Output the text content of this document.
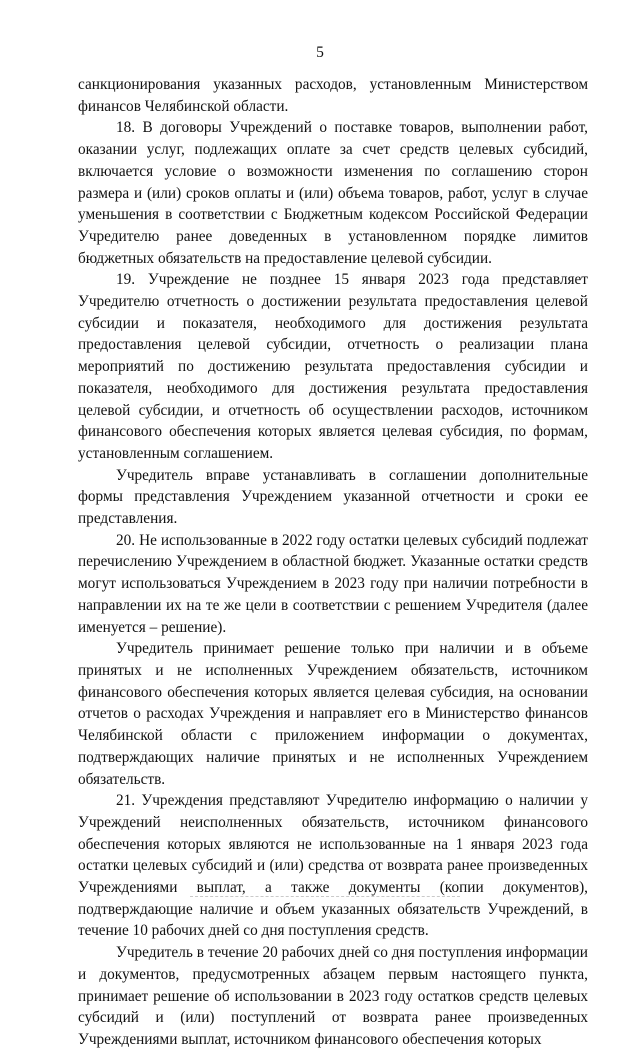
5

санкционирования указанных расходов, установленным Министерством финансов Челябинской области.

18. В договоры Учреждений о поставке товаров, выполнении работ, оказании услуг, подлежащих оплате за счет средств целевых субсидий, включается условие о возможности изменения по соглашению сторон размера и (или) сроков оплаты и (или) объема товаров, работ, услуг в случае уменьшения в соответствии с Бюджетным кодексом Российской Федерации Учредителю ранее доведенных в установленном порядке лимитов бюджетных обязательств на предоставление целевой субсидии.

19. Учреждение не позднее 15 января 2023 года представляет Учредителю отчетность о достижении результата предоставления целевой субсидии и показателя, необходимого для достижения результата предоставления целевой субсидии, отчетность о реализации плана мероприятий по достижению результата предоставления субсидии и показателя, необходимого для достижения результата предоставления целевой субсидии, и отчетность об осуществлении расходов, источником финансового обеспечения которых является целевая субсидия, по формам, установленным соглашением.

Учредитель вправе устанавливать в соглашении дополнительные формы представления Учреждением указанной отчетности и сроки ее представления.

20. Не использованные в 2022 году остатки целевых субсидий подлежат перечислению Учреждением в областной бюджет. Указанные остатки средств могут использоваться Учреждением в 2023 году при наличии потребности в направлении их на те же цели в соответствии с решением Учредителя (далее именуется – решение).

Учредитель принимает решение только при наличии и в объеме принятых и не исполненных Учреждением обязательств, источником финансового обеспечения которых является целевая субсидия, на основании отчетов о расходах Учреждения и направляет его в Министерство финансов Челябинской области с приложением информации о документах, подтверждающих наличие принятых и не исполненных Учреждением обязательств.

21. Учреждения представляют Учредителю информацию о наличии у Учреждений неисполненных обязательств, источником финансового обеспечения которых являются не использованные на 1 января 2023 года остатки целевых субсидий и (или) средства от возврата ранее произведенных Учреждениями выплат, а также документы (копии документов), подтверждающие наличие и объем указанных обязательств Учреждений, в течение 10 рабочих дней со дня поступления средств.

Учредитель в течение 20 рабочих дней со дня поступления информации и документов, предусмотренных абзацем первым настоящего пункта, принимает решение об использовании в 2023 году остатков средств целевых субсидий и (или) поступлений от возврата ранее произведенных Учреждениями выплат, источником финансового обеспечения которых
